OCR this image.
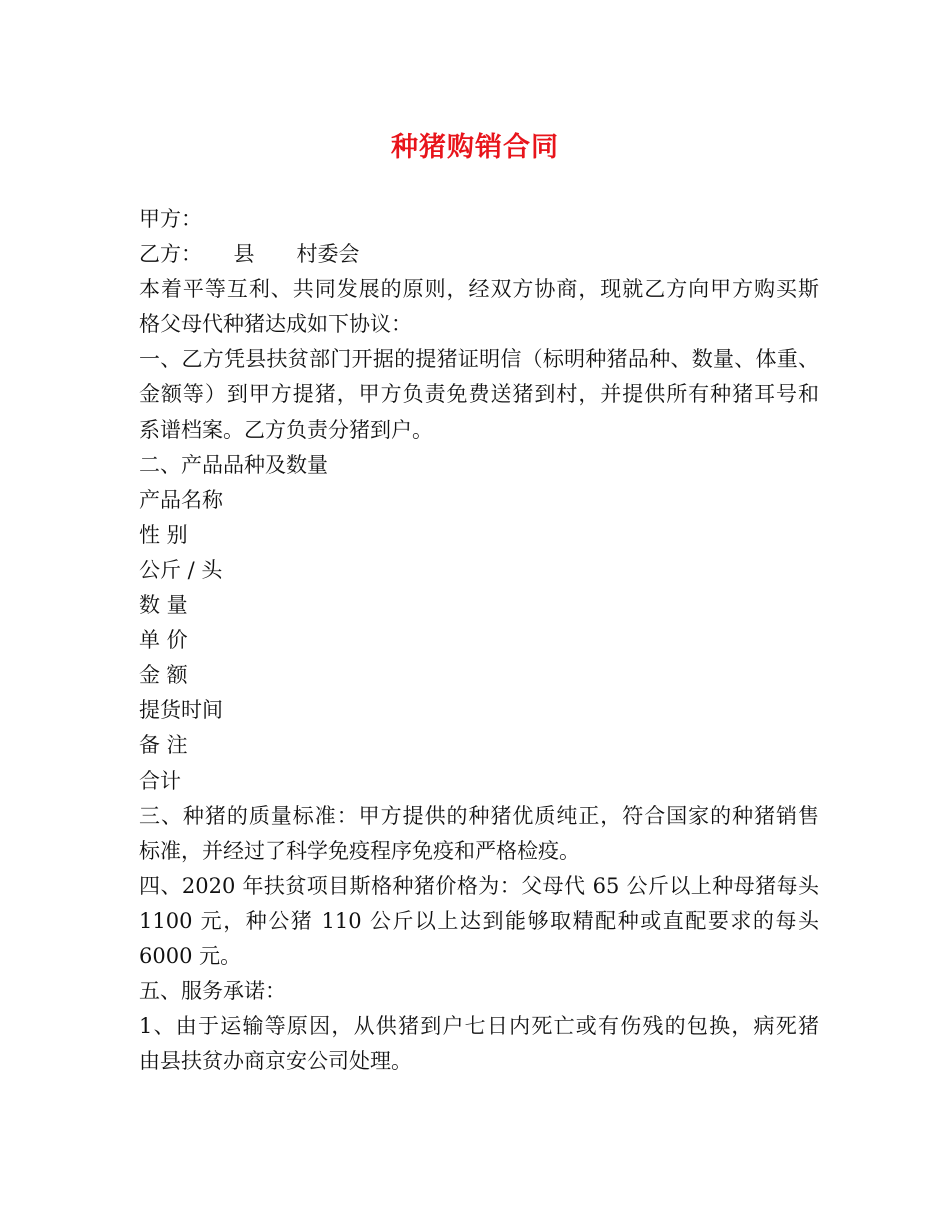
种猪购销合同
甲方：
乙方：　　县　　村委会
本着平等互利、共同发展的原则，经双方协商，现就乙方向甲方购买斯
格父母代种猪达成如下协议：
一、乙方凭县扶贫部门开据的提猪证明信（标明种猪品种、数量、体重、
金额等）到甲方提猪，甲方负责免费送猪到村，并提供所有种猪耳号和
系谱档案。乙方负责分猪到户。
二、产品品种及数量
产品名称
性 别
公斤 / 头
数 量
单 价
金 额
提货时间
备 注
合计
三、种猪的质量标准：甲方提供的种猪优质纯正，符合国家的种猪销售
标准，并经过了科学免疫程序免疫和严格检疫。
四、2020 年扶贫项目斯格种猪价格为：父母代 65 公斤以上种母猪每头
1100 元，种公猪 110 公斤以上达到能够取精配种或直配要求的每头
6000 元。
五、服务承诺：
1、由于运输等原因，从供猪到户七日内死亡或有伤残的包换，病死猪
由县扶贫办商京安公司处理。
